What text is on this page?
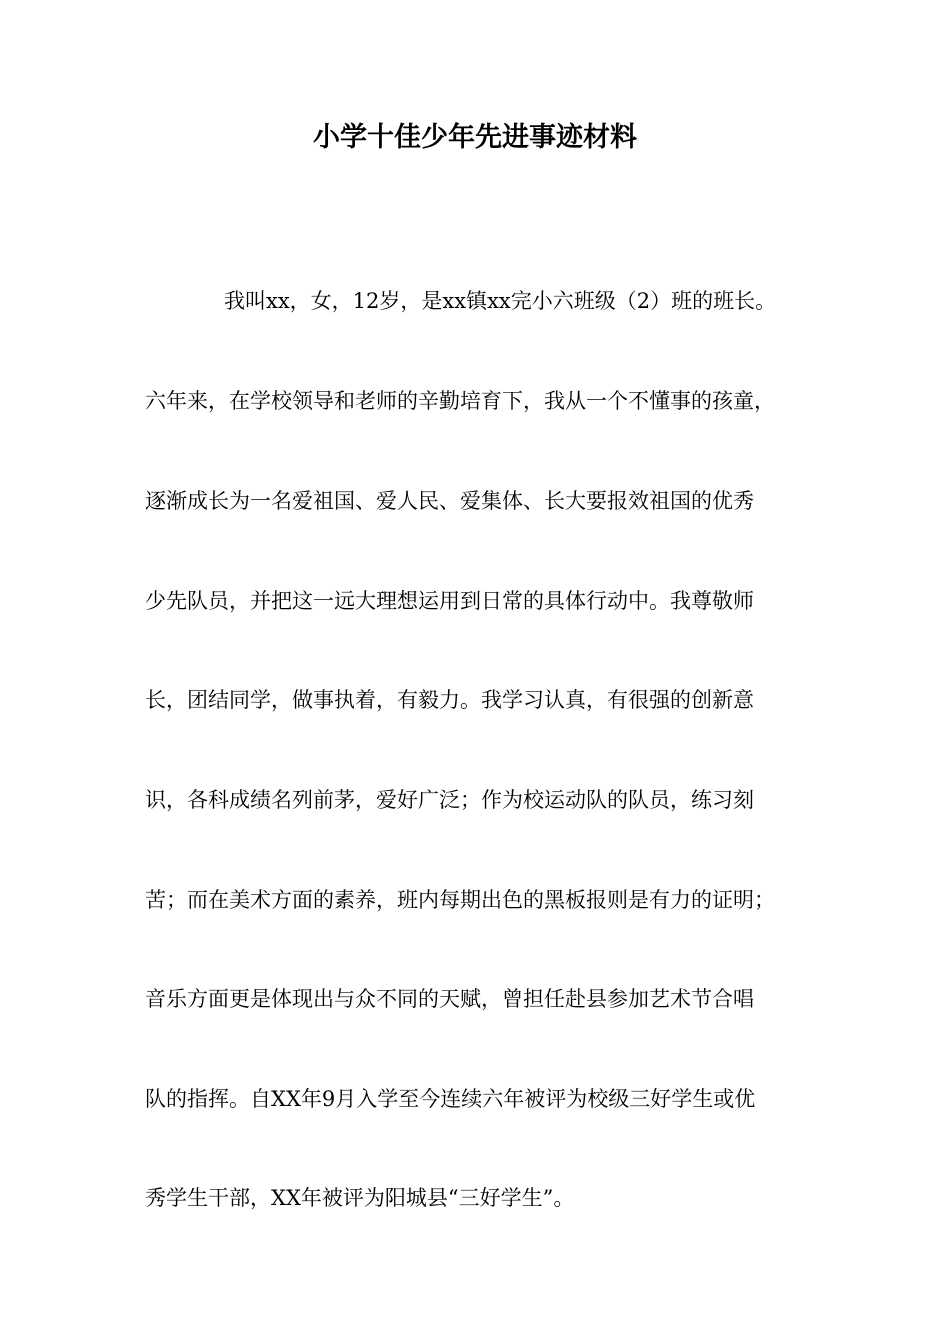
小学十佳少年先进事迹材料

我叫xx，女，12岁，是xx镇xx完小六班级（2）班的班长。

六年来，在学校领导和老师的辛勤培育下，我从一个不懂事的孩童，

逐渐成长为一名爱祖国、爱人民、爱集体、长大要报效祖国的优秀

少先队员，并把这一远大理想运用到日常的具体行动中。我尊敬师

长，团结同学，做事执着，有毅力。我学习认真，有很强的创新意

识，各科成绩名列前茅，爱好广泛；作为校运动队的队员，练习刻

苦；而在美术方面的素养，班内每期出色的黑板报则是有力的证明；

音乐方面更是体现出与众不同的天赋，曾担任赴县参加艺术节合唱

队的指挥。自XX年9月入学至今连续六年被评为校级三好学生或优

秀学生干部，XX年被评为阳城县“三好学生”。
